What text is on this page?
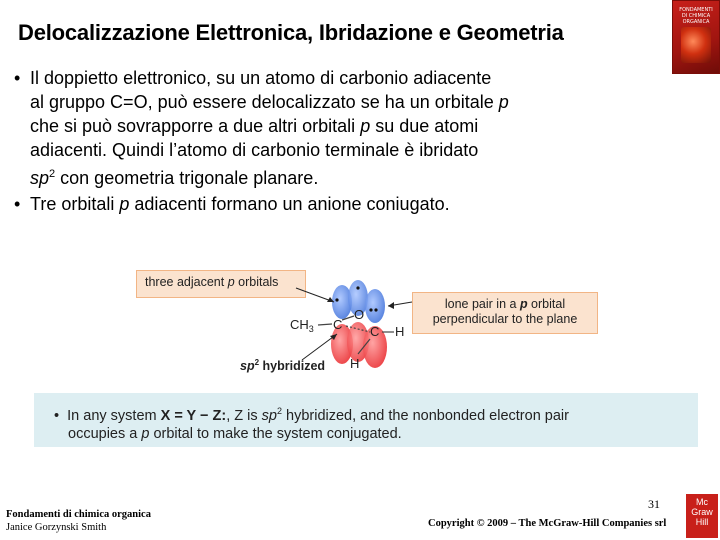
Delocalizzazione Elettronica, Ibridazione e Geometria
FONDAMENTI DI CHIMICA ORGANICA
• Il doppietto elettronico, su un atomo di carbonio adiacente
al gruppo C=O, può essere delocalizzato se ha un orbitale p
che si può sovrapporre a due altri orbitali p su due atomi
adiacenti. Quindi l’atomo di carbonio terminale è ibridato
$sp^2$ con geometria trigonale planare.
• Tre orbitali p adiacenti formano un anione coniugato.
three adjacent p orbitals
lone pair in a p orbital
perpendicular to the plane
$CH_3$ C
O
C H
H
$sp^2$ hybridized
•  In any system X = Y − Z:, Z is $sp^2$ hybridized, and the nonbonded electron pair
occupies a p orbital to make the system conjugated.
Fondamenti di chimica organica
Janice Gorzynski Smith
31
Copyright © 2009 – The McGraw-Hill Companies srl
Mc
Graw
Hill
